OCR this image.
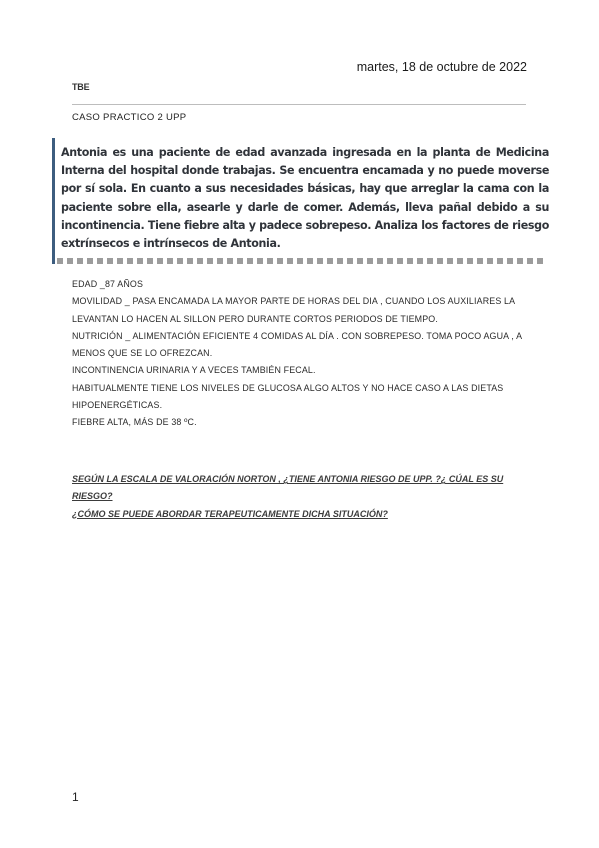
martes, 18 de octubre de 2022
TBE
CASO PRACTICO 2 UPP

Antonia es una paciente de edad avanzada ingresada en la planta de Medicina Interna del hospital donde trabajas. Se encuentra encamada y no puede moverse por sí sola. En cuanto a sus necesidades básicas, hay que arreglar la cama con la paciente sobre ella, asearle y darle de comer. Además, lleva pañal debido a su incontinencia. Tiene fiebre alta y padece sobrepeso. Analiza los factores de riesgo extrínsecos e intrínsecos de Antonia.

EDAD _87 AÑOS

MOVILIDAD _ PASA ENCAMADA LA MAYOR PARTE DE HORAS DEL DIA , CUANDO LOS AUXILIARES LA LEVANTAN LO HACEN AL SILLON PERO DURANTE CORTOS PERIODOS DE TIEMPO.

NUTRICIÓN _ ALIMENTACIÓN EFICIENTE 4 COMIDAS AL DÍA . CON SOBREPESO. TOMA POCO AGUA , A MENOS QUE SE LO OFREZCAN.

INCONTINENCIA URINARIA Y A VECES TAMBIÉN FECAL.

HABITUALMENTE TIENE LOS NIVELES DE GLUCOSA ALGO ALTOS Y NO HACE CASO A LAS DIETAS HIPOENERGÉTICAS.

FIEBRE ALTA, MÁS DE 38 ºC.

SEGÚN LA ESCALA DE VALORACIÓN NORTON , ¿TIENE ANTONIA RIESGO DE UPP. ?¿ CÚAL ES SU RIESGO?

¿CÓMO SE PUEDE ABORDAR TERAPEUTICAMENTE DICHA SITUACIÓN?

1
